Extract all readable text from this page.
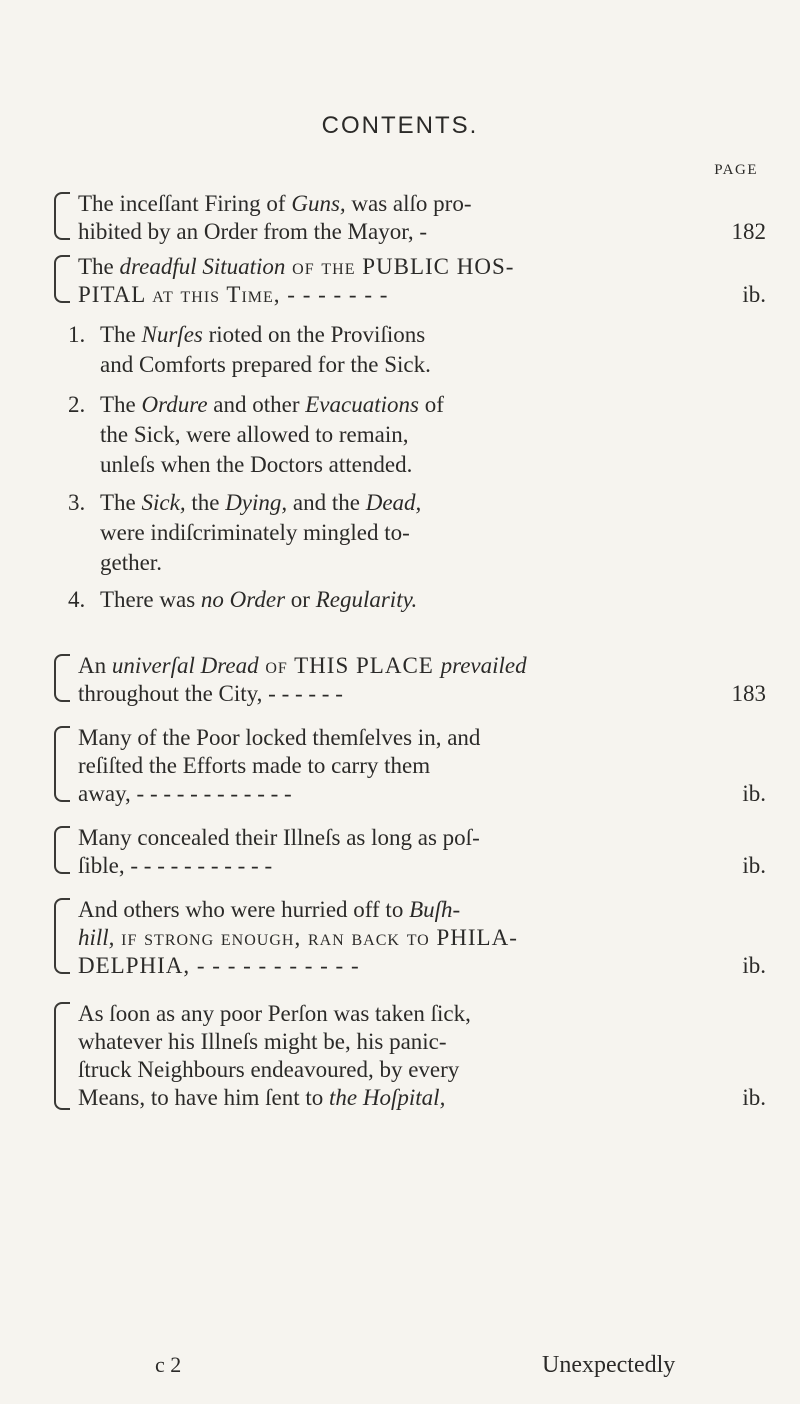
CONTENTS.
PAGE
The inceſſant Firing of Guns, was alſo pro-
hibited by an Order from the Mayor, -	182
The dreadful Situation of the PUBLIC HOS-
PITAL at this Time, - - - - - - -	ib.
1. The Nurſes rioted on the Proviſions
and Comforts prepared for the Sick.
2. The Ordure and other Evacuations of
the Sick, were allowed to remain,
unleſs when the Doctors attended.
3. The Sick, the Dying, and the Dead,
were indiſcriminately mingled to-
gether.
4. There was no Order or Regularity.
An univerſal Dread of THIS PLACE prevailed
throughout the City, - - - - - -	183
Many of the Poor locked themſelves in, and
reſiſted the Efforts made to carry them
away, - - - - - - - - - - - -	ib.
Many concealed their Illneſs as long as poſ-
ſible, - - - - - - - - - - -	ib.
And others who were hurried off to Buſh-
hill, if ſtrong enough, ran back to PHILA-
DELPHIA, - - - - - - - - - - -	ib.
As ſoon as any poor Perſon was taken ſick,
whatever his Illneſs might be, his panic-
ſtruck Neighbours endeavoured, by every
Means, to have him ſent to the Hoſpital,	ib.
c 2	Unexpectedly
